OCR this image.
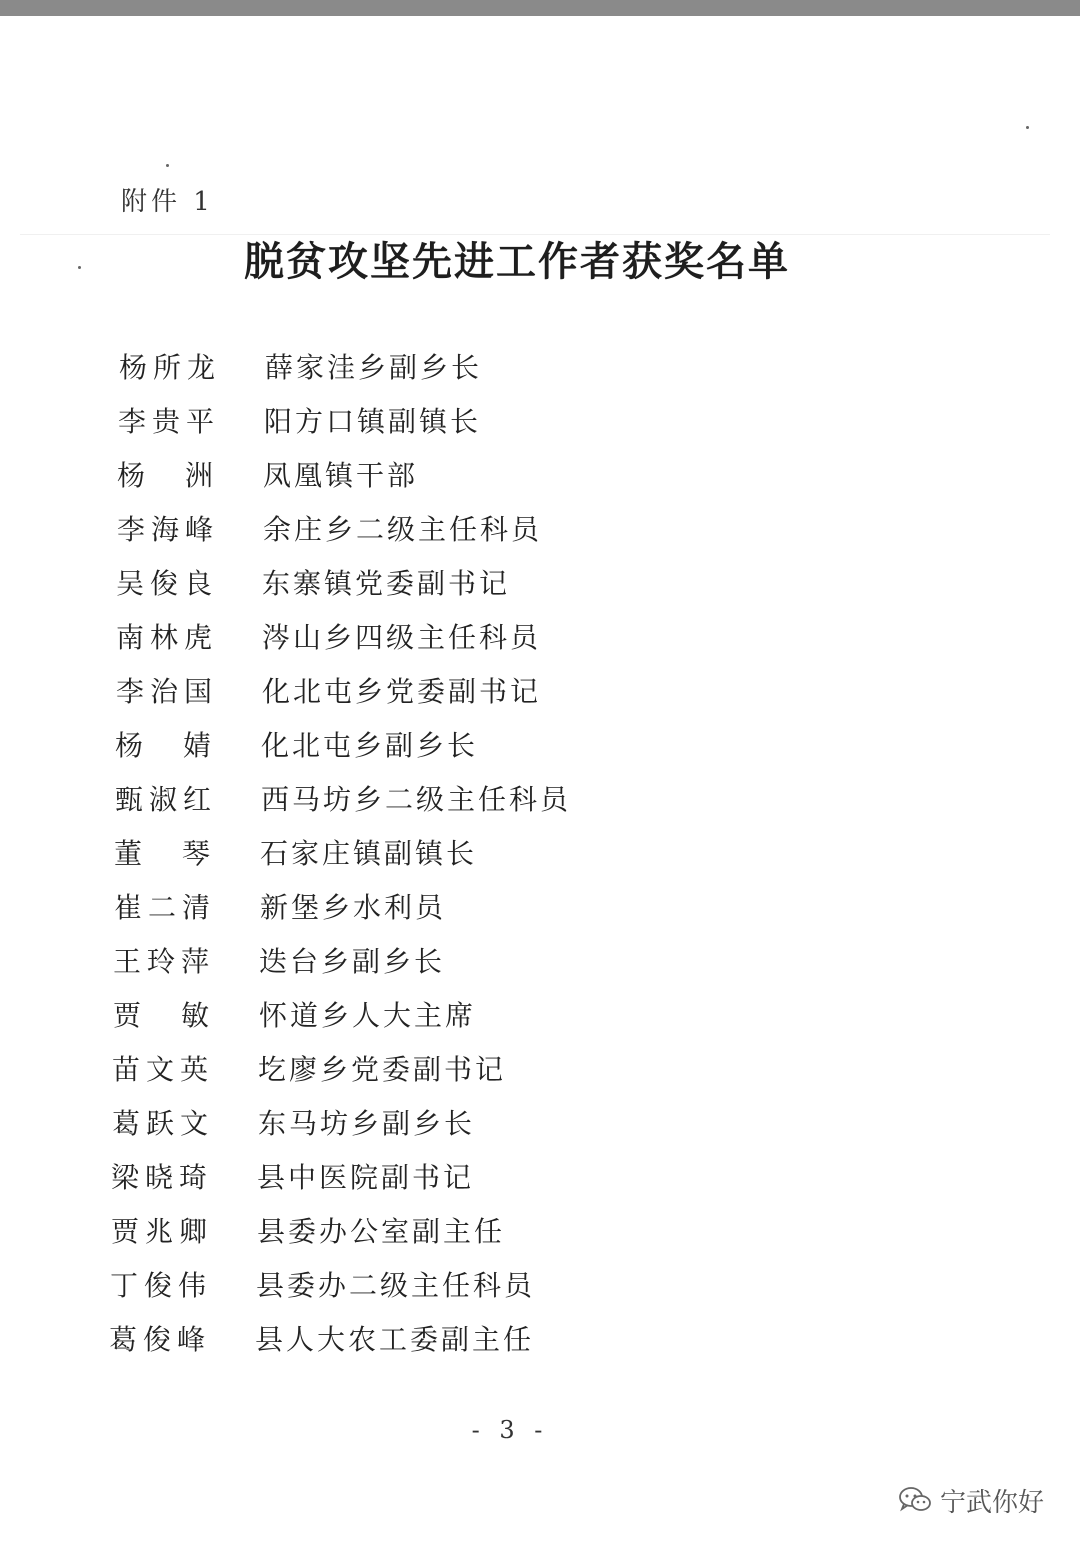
附件 1
脱贫攻坚先进工作者获奖名单
杨所龙 薛家洼乡副乡长
李贵平 阳方口镇副镇长
杨 洲 凤凰镇干部
李海峰 余庄乡二级主任科员
吴俊良 东寨镇党委副书记
南林虎 涔山乡四级主任科员
李治国 化北屯乡党委副书记
杨 婧 化北屯乡副乡长
甄淑红 西马坊乡二级主任科员
董 琴 石家庄镇副镇长
崔二清 新堡乡水利员
王玲萍 迭台乡副乡长
贾 敏 怀道乡人大主席
苗文英 圪廖乡党委副书记
葛跃文 东马坊乡副乡长
梁晓琦 县中医院副书记
贾兆卿 县委办公室副主任
丁俊伟 县委办二级主任科员
葛俊峰 县人大农工委副主任
- 3 -
宁武你好
